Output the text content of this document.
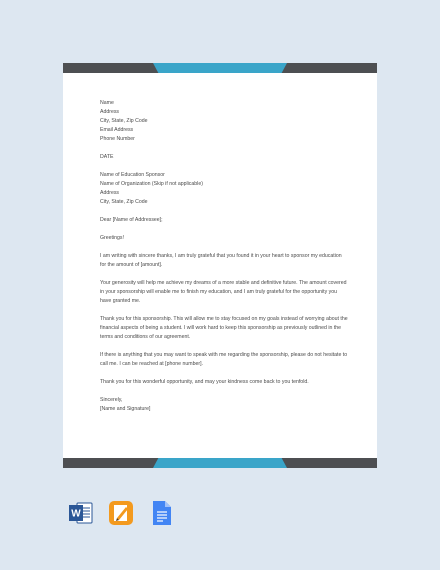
Name
Address
City, State, Zip Code
Email Address
Phone Number
DATE
Name of Education Sponsor
Name of Organization (Skip if not applicable)
Address
City, State, Zip Code
Dear [Name of Addressee];
Greetings!

I am writing with sincere thanks, I am truly grateful that you found it in your heart to sponsor my education for the amount of [amount].

Your generosity will help me achieve my dreams of a more stable and definitive future. The amount covered in your sponsorship will enable me to finish my education, and I am truly grateful for the opportunity you have granted me.

Thank you for this sponsorship. This will allow me to stay focused on my goals instead of worrying about the financial aspects of being a student. I will work hard to keep this sponsorship as previously outlined in the terms and conditions of our agreement.

If there is anything that you may want to speak with me regarding the sponsorship, please do not hesitate to call me. I can be reached at [phone number].

Thank you for this wonderful opportunity, and may your kindness come back to you tenfold.

Sincerely,
[Name and Signature]
W
